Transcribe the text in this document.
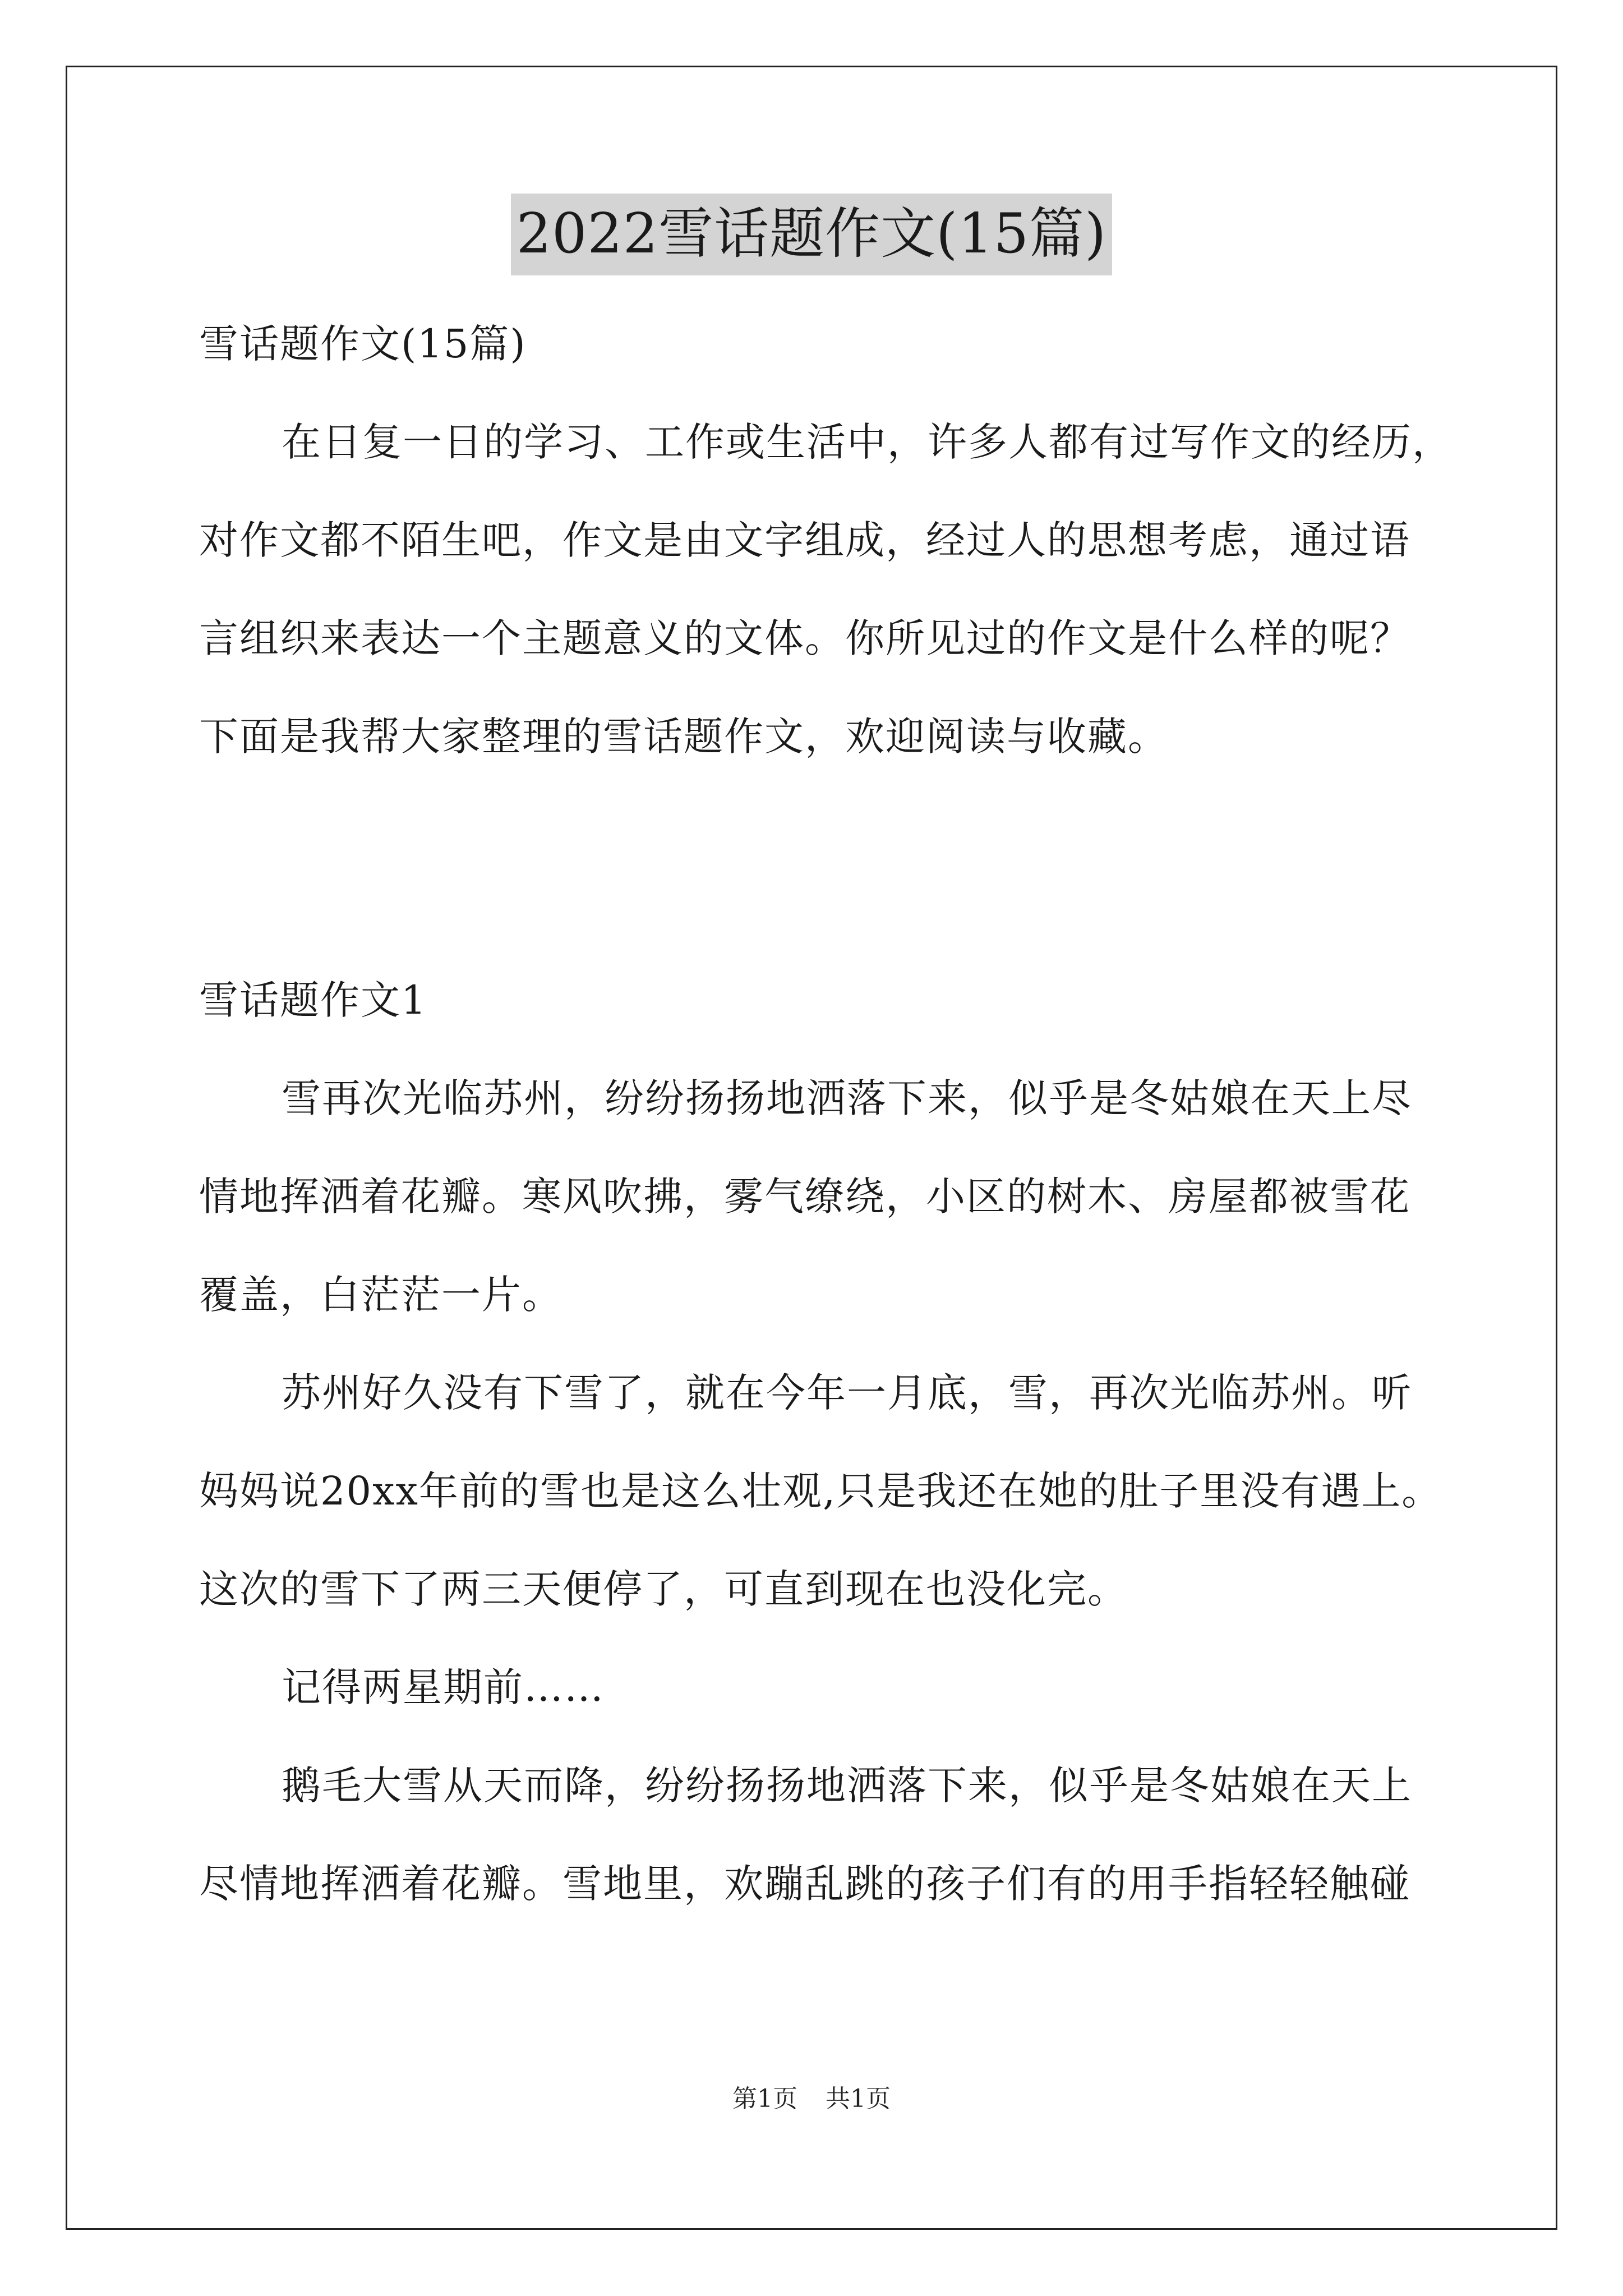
2022雪话题作文(15篇)
雪话题作文(15篇)
在日复一日的学习、工作或生活中，许多人都有过写作文的经历，
对作文都不陌生吧，作文是由文字组成，经过人的思想考虑，通过语
言组织来表达一个主题意义的文体。你所见过的作文是什么样的呢？
下面是我帮大家整理的雪话题作文，欢迎阅读与收藏。
雪话题作文1
雪再次光临苏州，纷纷扬扬地洒落下来，似乎是冬姑娘在天上尽
情地挥洒着花瓣。寒风吹拂，雾气缭绕，小区的树木、房屋都被雪花
覆盖，白茫茫一片。
苏州好久没有下雪了，就在今年一月底，雪，再次光临苏州。听
妈妈说20xx年前的雪也是这么壮观,只是我还在她的肚子里没有遇上。
这次的雪下了两三天便停了，可直到现在也没化完。
记得两星期前……
鹅毛大雪从天而降，纷纷扬扬地洒落下来，似乎是冬姑娘在天上
尽情地挥洒着花瓣。雪地里，欢蹦乱跳的孩子们有的用手指轻轻触碰
第1页 共1页
